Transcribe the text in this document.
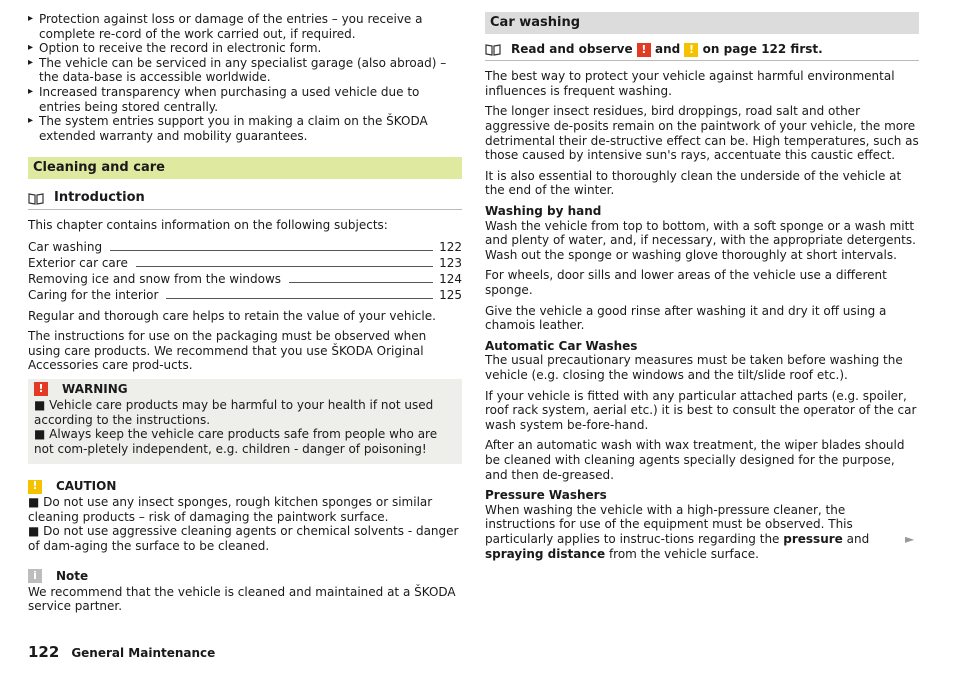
▸ Protection against loss or damage of the entries – you receive a complete re-cord of the work carried out, if required.

▸ Option to receive the record in electronic form.

▸ The vehicle can be serviced in any specialist garage (also abroad) – the data-base is accessible worldwide.

▸ Increased transparency when purchasing a used vehicle due to entries being stored centrally.

▸ The system entries support you in making a claim on the ŠKODA extended warranty and mobility guarantees.

Cleaning and care
Introduction

This chapter contains information on the following subjects:

Car washing	122
Exterior car care	123
Removing ice and snow from the windows	124
Caring for the interior	125

Regular and thorough care helps to retain the value of your vehicle.

The instructions for use on the packaging must be observed when using care products. We recommend that you use ŠKODA Original Accessories care prod-ucts.

!	WARNING
■ Vehicle care products may be harmful to your health if not used according to the instructions.
■ Always keep the vehicle care products safe from people who are not com-pletely independent, e.g. children - danger of poisoning!
!	CAUTION
■ Do not use any insect sponges, rough kitchen sponges or similar cleaning products – risk of damaging the paintwork surface.
■ Do not use aggressive cleaning agents or chemical solvents - danger of dam-aging the surface to be cleaned.
i	Note
We recommend that the vehicle is cleaned and maintained at a ŠKODA service partner.
Car washing
Read and observe ! and ! on page 122 first.

The best way to protect your vehicle against harmful environmental influences is frequent washing.

The longer insect residues, bird droppings, road salt and other aggressive de-posits remain on the paintwork of your vehicle, the more detrimental their de-structive effect can be. High temperatures, such as those caused by intensive sun's rays, accentuate this caustic effect.

It is also essential to thoroughly clean the underside of the vehicle at the end of the winter.

Washing by hand

Wash the vehicle from top to bottom, with a soft sponge or a wash mitt and plenty of water, and, if necessary, with the appropriate detergents. Wash out the sponge or washing glove thoroughly at short intervals.

For wheels, door sills and lower areas of the vehicle use a different sponge.

Give the vehicle a good rinse after washing it and dry it off using a chamois leather.

Automatic Car Washes

The usual precautionary measures must be taken before washing the vehicle (e.g. closing the windows and the tilt/slide roof etc.).

If your vehicle is fitted with any particular attached parts (e.g. spoiler, roof rack system, aerial etc.) it is best to consult the operator of the car wash system be-fore-hand.

After an automatic wash with wax treatment, the wiper blades should be cleaned with cleaning agents specially designed for the purpose, and then de-greased.

Pressure Washers

When washing the vehicle with a high-pressure cleaner, the instructions for use of the equipment must be observed. This particularly applies to instruc-tions regarding the pressure and spraying distance from the vehicle surface.

►
122 General Maintenance
